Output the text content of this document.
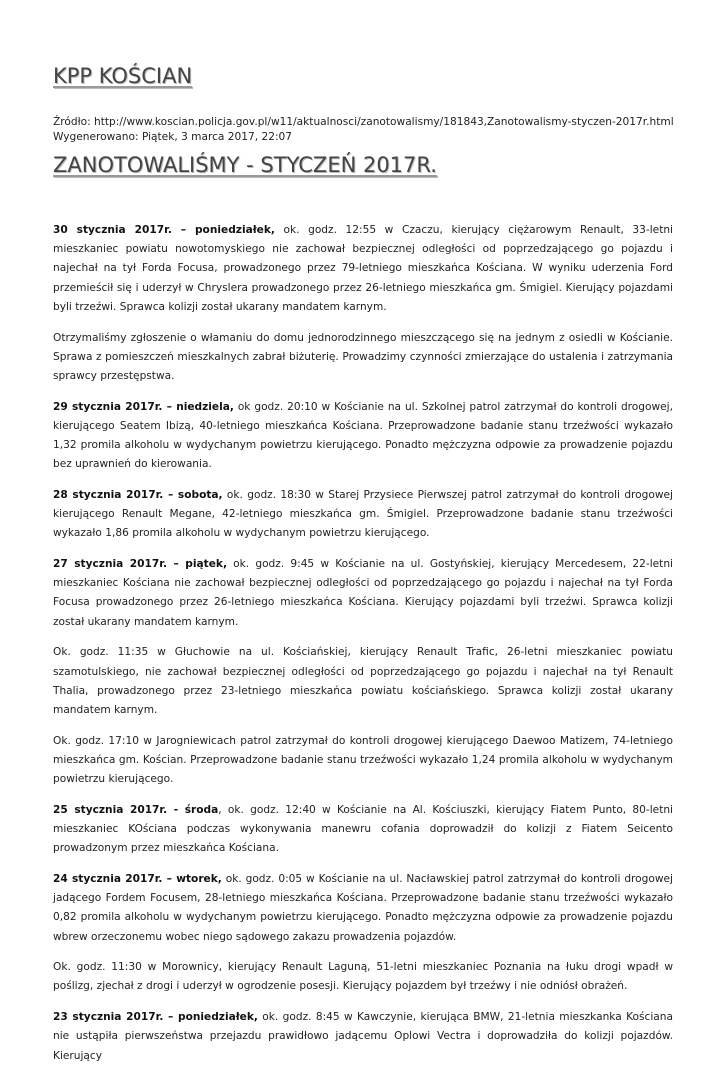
KPP KOŚCIAN
Źródło: http://www.koscian.policja.gov.pl/w11/aktualnosci/zanotowalismy/181843,Zanotowalismy-styczen-2017r.html
Wygenerowano: Piątek, 3 marca 2017, 22:07
ZANOTOWALIŚMY - STYCZEŃ 2017R.

30 stycznia 2017r. – poniedziałek, ok. godz. 12:55 w Czaczu, kierujący ciężarowym Renault, 33-letni mieszkaniec powiatu nowotomyskiego nie zachował bezpiecznej odległości od poprzedzającego go pojazdu i najechał na tył Forda Focusa, prowadzonego przez 79-letniego mieszkańca Kościana. W wyniku uderzenia Ford przemieścił się i uderzył w Chryslera prowadzonego przez 26-letniego mieszkańca gm. Śmigiel. Kierujący pojazdami byli trzeźwi. Sprawca kolizji został ukarany mandatem karnym.

Otrzymaliśmy zgłoszenie o włamaniu do domu jednorodzinnego mieszczącego się na jednym z osiedli w Kościanie. Sprawa z pomieszczeń mieszkalnych zabrał biżuterię. Prowadzimy czynności zmierzające do ustalenia i zatrzymania sprawcy przestępstwa.

29 stycznia 2017r. – niedziela, ok godz. 20:10 w Kościanie na ul. Szkolnej patrol zatrzymał do kontroli drogowej, kierującego Seatem Ibizą, 40-letniego mieszkańca Kościana. Przeprowadzone badanie stanu trzeźwości wykazało 1,32 promila alkoholu w wydychanym powietrzu kierującego. Ponadto mężczyzna odpowie za prowadzenie pojazdu bez uprawnień do kierowania.

28 stycznia 2017r. – sobota, ok. godz. 18:30 w Starej Przysiece Pierwszej patrol zatrzymał do kontroli drogowej kierującego Renault Megane, 42-letniego mieszkańca gm. Śmigiel. Przeprowadzone badanie stanu trzeźwości wykazało 1,86 promila alkoholu w wydychanym powietrzu kierującego.

27 stycznia 2017r. – piątek, ok. godz. 9:45 w Kościanie na ul. Gostyńskiej, kierujący Mercedesem, 22-letni mieszkaniec Kościana nie zachował bezpiecznej odległości od poprzedzającego go pojazdu i najechał na tył Forda Focusa prowadzonego przez 26-letniego mieszkańca Kościana. Kierujący pojazdami byli trzeźwi. Sprawca kolizji został ukarany mandatem karnym.

Ok. godz. 11:35 w Głuchowie na ul. Kościańskiej, kierujący Renault Trafic, 26-letni mieszkaniec powiatu szamotulskiego, nie zachował bezpiecznej odległości od poprzedzającego go pojazdu i najechał na tył Renault Thalia, prowadzonego przez 23-letniego mieszkańca powiatu kościańskiego. Sprawca kolizji został ukarany mandatem karnym.

Ok. godz. 17:10 w Jarogniewicach patrol zatrzymał do kontroli drogowej kierującego Daewoo Matizem, 74-letniego mieszkańca gm. Kościan. Przeprowadzone badanie stanu trzeźwości wykazało 1,24 promila alkoholu w wydychanym powietrzu kierującego.

25 stycznia 2017r. - środa, ok. godz. 12:40 w Kościanie na Al. Kościuszki, kierujący Fiatem Punto, 80-letni mieszkaniec KOściana podczas wykonywania manewru cofania doprowadził do kolizji z Fiatem Seicento prowadzonym przez mieszkańca Kościana.

24 stycznia 2017r. – wtorek, ok. godz. 0:05 w Kościanie na ul. Nacławskiej patrol zatrzymał do kontroli drogowej jadącego Fordem Focusem, 28-letniego mieszkańca Kościana. Przeprowadzone badanie stanu trzeźwości wykazało 0,82 promila alkoholu w wydychanym powietrzu kierującego. Ponadto mężczyzna odpowie za prowadzenie pojazdu wbrew orzeczonemu wobec niego sądowego zakazu prowadzenia pojazdów.

Ok. godz. 11:30 w Morownicy, kierujący Renault Laguną, 51-letni mieszkaniec Poznania na łuku drogi wpadł w poślizg, zjechał z drogi i uderzył w ogrodzenie posesji. Kierujący pojazdem był trzeźwy i nie odniósł obrażeń.

23 stycznia 2017r. – poniedziałek, ok. godz. 8:45 w Kawczynie, kierująca BMW, 21-letnia mieszkanka Kościana nie ustąpiła pierwszeństwa przejazdu prawidłowo jadącemu Oplowi Vectra i doprowadziła do kolizji pojazdów. Kierujący
